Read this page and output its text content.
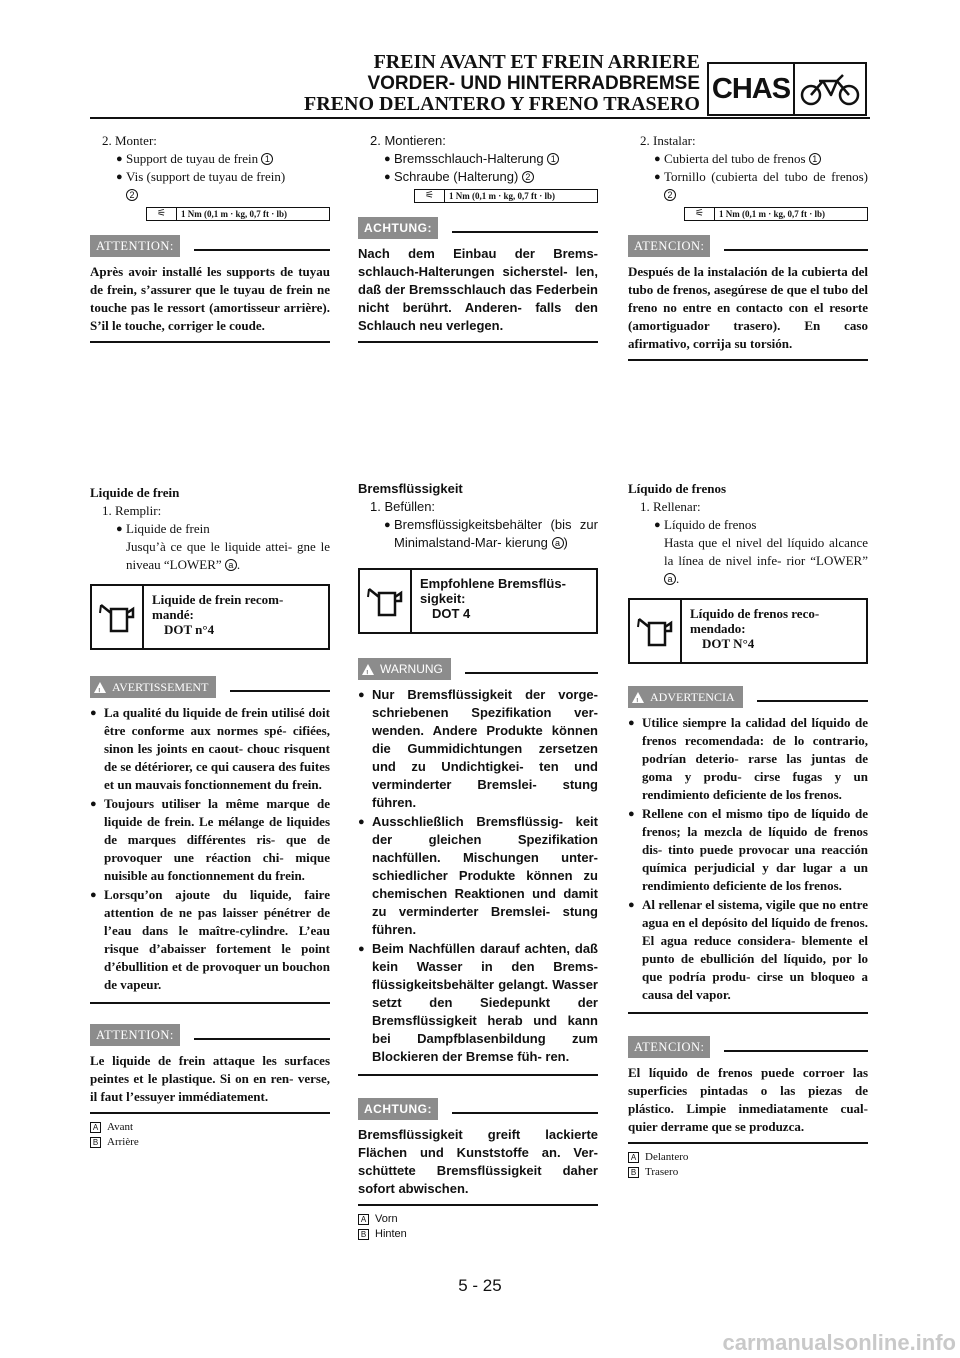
FREIN AVANT ET FREIN ARRIERE
VORDER- UND HINTERRADBREMSE
FRENO DELANTERO Y FRENO TRASERO CHAS
2. Monter:
● Support de tuyau de frein 1
● Vis (support de tuyau de frein)
2
⚟	1 Nm (0,1 m · kg, 0,7 ft · lb)
ATTENTION:
Après avoir installé les supports de tuyau de frein, s’assurer que le tuyau de frein ne touche pas le ressort (amortisseur arrière). S’il le touche, corriger le coude.
Liquide de frein
1. Remplir:
● Liquide de frein
Jusqu’à ce que le liquide attei- gne le niveau “LOWER” a .
Liquide de frein recom- mandé:
DOT n°4
!
AVERTISSEMENT
● La qualité du liquide de frein utilisé doit être conforme aux normes spé- cifiées, sinon les joints en caout- chouc risquent de se détériorer, ce qui causera des fuites et un mauvais fonctionnement du frein.
● Toujours utiliser la même marque de liquide de frein. Le mélange de liquides de marques différentes ris- que de provoquer une réaction chi- mique nuisible au fonctionnement du frein.
● Lorsqu’on ajoute du liquide, faire attention de ne pas laisser pénétrer de l’eau dans le maître-cylindre. L’eau risque d’abaisser fortement le point d’ébullition et de provoquer un bouchon de vapeur.
ATTENTION:
Le liquide de frein attaque les surfaces peintes et le plastique. Si on en ren- verse, il faut l’essuyer immédiatement.
A Avant
B Arrière
2. Montieren:
● Bremsschlauch-Halterung 1
● Schraube (Halterung) 2
⚟	1 Nm (0,1 m · kg, 0,7 ft · lb)
ACHTUNG:
Nach dem Einbau der Brems- schlauch-Halterungen sicherstel- len, daß der Bremsschlauch das Federbein nicht berührt. Anderen- falls den Schlauch neu verlegen.
Bremsflüssigkeit
1. Befüllen:
● Bremsflüssigkeitsbehälter (bis zur Minimalstand-Mar- kierung a )
Empfohlene Bremsflüs- sigkeit:
DOT 4
!
WARNUNG
● Nur Bremsflüssigkeit der vorge- schriebenen Spezifikation ver- wenden. Andere Produkte können die Gummidichtungen zersetzen und zu Undichtigkei- ten und verminderter Bremslei- stung führen.
● Ausschließlich Bremsflüssig- keit der gleichen Spezifikation nachfüllen. Mischungen unter- schiedlicher Produkte können zu chemischen Reaktionen und damit zu verminderter Bremslei- stung führen.
● Beim Nachfüllen darauf achten, daß kein Wasser in den Brems- flüssigkeitsbehälter gelangt. Wasser setzt den Siedepunkt der Bremsflüssigkeit herab und kann bei Dampfblasenbildung zum Blockieren der Bremse füh- ren.
ACHTUNG:
Bremsflüssigkeit greift lackierte Flächen und Kunststoffe an. Ver- schüttete Bremsflüssigkeit daher sofort abwischen.
A Vorn
B Hinten
2. Instalar:
● Cubierta del tubo de frenos 1
● Tornillo (cubierta del tubo de frenos) 2
⚟	1 Nm (0,1 m · kg, 0,7 ft · lb)
ATENCION:
Después de la instalación de la cubierta del tubo de frenos, asegúrese de que el tubo del freno no entre en contacto con el resorte (amortiguador trasero). En caso afirmativo, corrija su torsión.
Líquido de frenos
1. Rellenar:
● Líquido de frenos
Hasta que el nivel del líquido alcance la línea de nivel infe- rior “LOWER” a .
Líquido de frenos reco- mendado:
DOT N°4
!
ADVERTENCIA
● Utilice siempre la calidad del líquido de frenos recomendada: de lo contrario, podrían deterio- rarse las juntas de goma y produ- cirse fugas y un rendimiento deficiente de los frenos.
● Rellene con el mismo tipo de líquido de frenos; la mezcla de líquido de frenos dis- tinto puede provocar una reacción química perjudicial y dar lugar a un rendimiento deficiente de los frenos.
● Al rellenar el sistema, vigile que no entre agua en el depósito del líquido de frenos. El agua reduce considera- blemente el punto de ebullición del líquido, por lo que podría produ- cirse un bloqueo a causa del vapor.
ATENCION:
El líquido de frenos puede corroer las superficies pintadas o las piezas de plástico. Limpie inmediatamente cual- quier derrame que se produzca.
A Delantero
B Trasero
5 - 25
carmanualsonline.info
